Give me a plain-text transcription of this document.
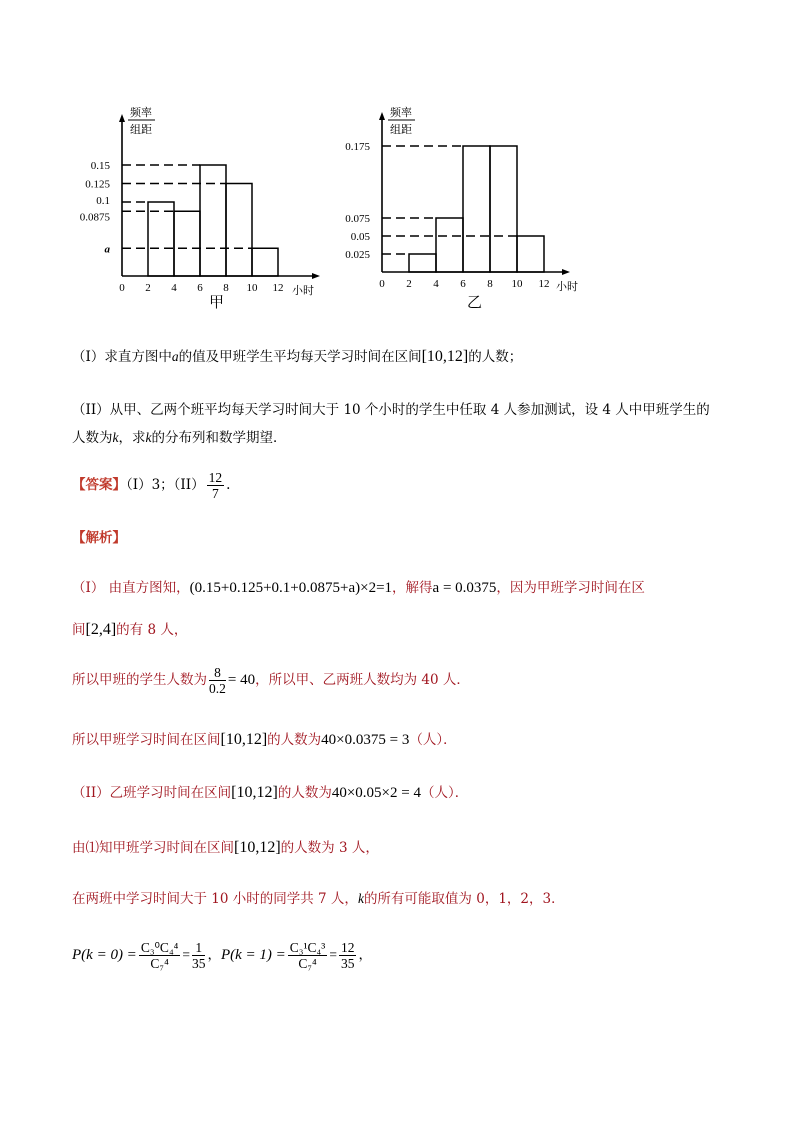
频率
组距
0 2 4 6 8 10 12
0.15
0.125
0.1
0.0875
a
小时
甲
频率
组距
0 2 4 6 8 10 12
0.175
0.075
0.05
0.025
小时
乙
（I）求直方图中a的值及甲班学生平均每天学习时间在区间[10,12]的人数；
（II）从甲、乙两个班平均每天学习时间大于 10 个小时的学生中任取 4 人参加测试，设 4 人中甲班学生的
人数为k，求k的分布列和数学期望．
【答案】（I）3；$(II) \frac{12}{7}$ .
【解析】
（I） 由直方图知，(0.15+0.125+0.1+0.0875+a)×2=1，解得a = 0.0375，因为甲班学习时间在区
间[2,4]的有 8 人，
所以甲班的学生人数为 $\frac{8}{0.2} = 40$，所以甲、乙两班人数均为 40 人．
所以甲班学习时间在区间[10,12]的人数为40×0.0375 = 3（人）．
（II）乙班学习时间在区间[10,12]的人数为40×0.05×2 = 4（人）．
由⑴知甲班学习时间在区间[10,12]的人数为 3 人，
在两班中学习时间大于 10 小时的同学共 7 人，k的所有可能取值为 0，1，2，3．
$P(k = 0) = \frac{\text{C₃⁰C₄⁴}}{\text{C₇⁴}} = \frac{1}{35}$ ，$P(k = 1) = \frac{\text{C₃¹C₄³}}{\text{C₇⁴}} = \frac{12}{35}$ ，
